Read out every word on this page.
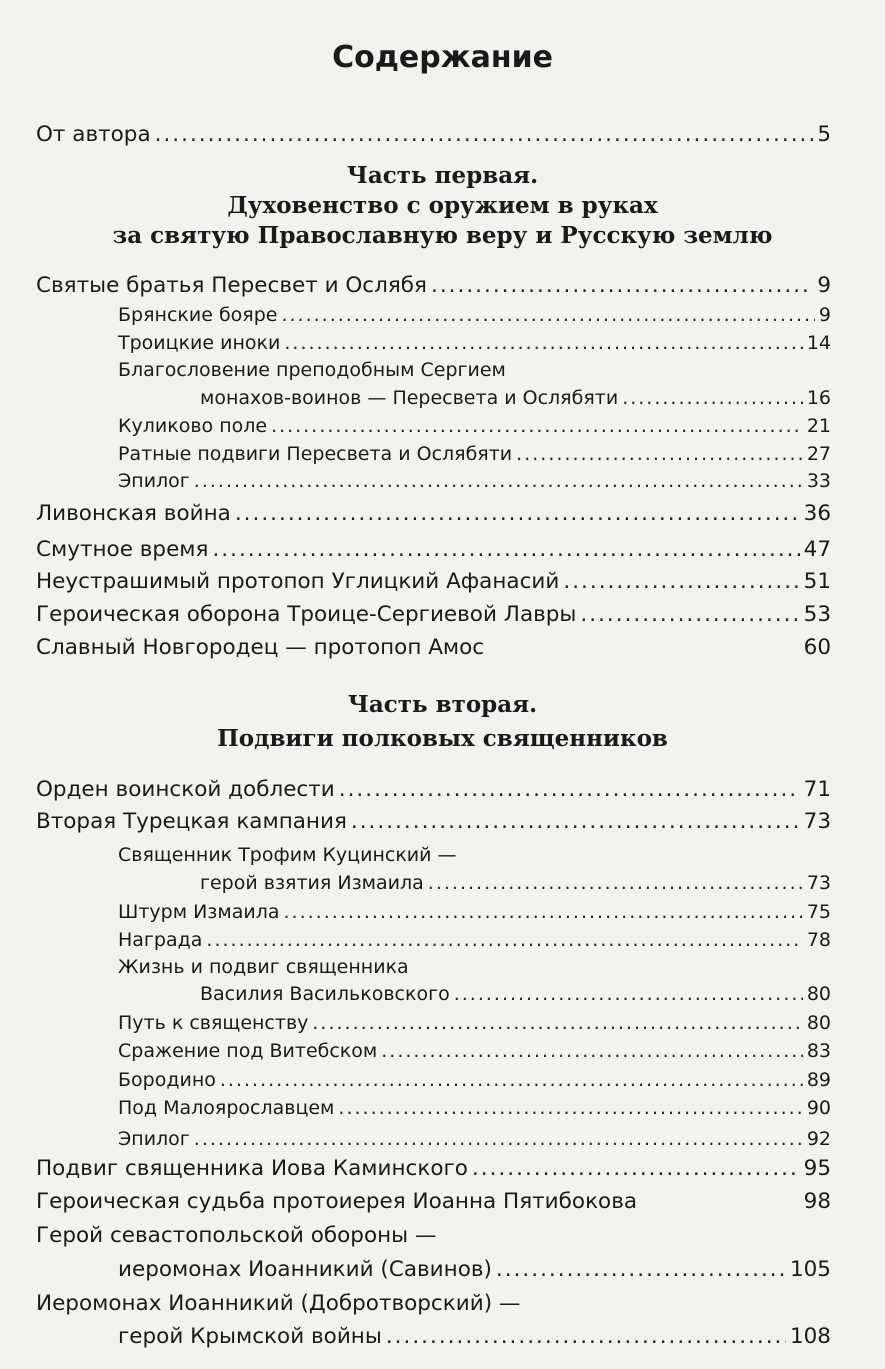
Содержание
От автора .....	5
Часть первая.
Духовенство с оружием в руках
за святую Православную веру и Русскую землю
Святые братья Пересвет и Ослябя .....	9
Брянские бояре .....	9
Троицкие иноки .....	14
Благословение преподобным Сергием
монахов-воинов — Пересвета и Ослябяти .....	16
Куликово поле .....	21
Ратные подвиги Пересвета и Ослябяти .....	27
Эпилог .....	33
Ливонская война .....	36
Смутное время .....	47
Неустрашимый протопоп Углицкий Афанасий .....	51
Героическая оборона Троице-Сергиевой Лавры .....	53
Славный Новгородец — протопоп Амос	60
Часть вторая.
Подвиги полковых священников
Орден воинской доблести .....	71
Вторая Турецкая кампания .....	73
Священник Трофим Куцинский —
герой взятия Измаила .....	73
Штурм Измаила .....	75
Награда .....	78
Жизнь и подвиг священника
Василия Васильковского .....	80
Путь к священству .....	80
Сражение под Витебском .....	83
Бородино .....	89
Под Малоярославцем .....	90
Эпилог .....	92
Подвиг священника Иова Каминского .....	95
Героическая судьба протоиерея Иоанна Пятибокова	98
Герой севастопольской обороны —
иеромонах Иоанникий (Савинов) .....	105
Иеромонах Иоанникий (Добротворский) —
герой Крымской войны .....	108
